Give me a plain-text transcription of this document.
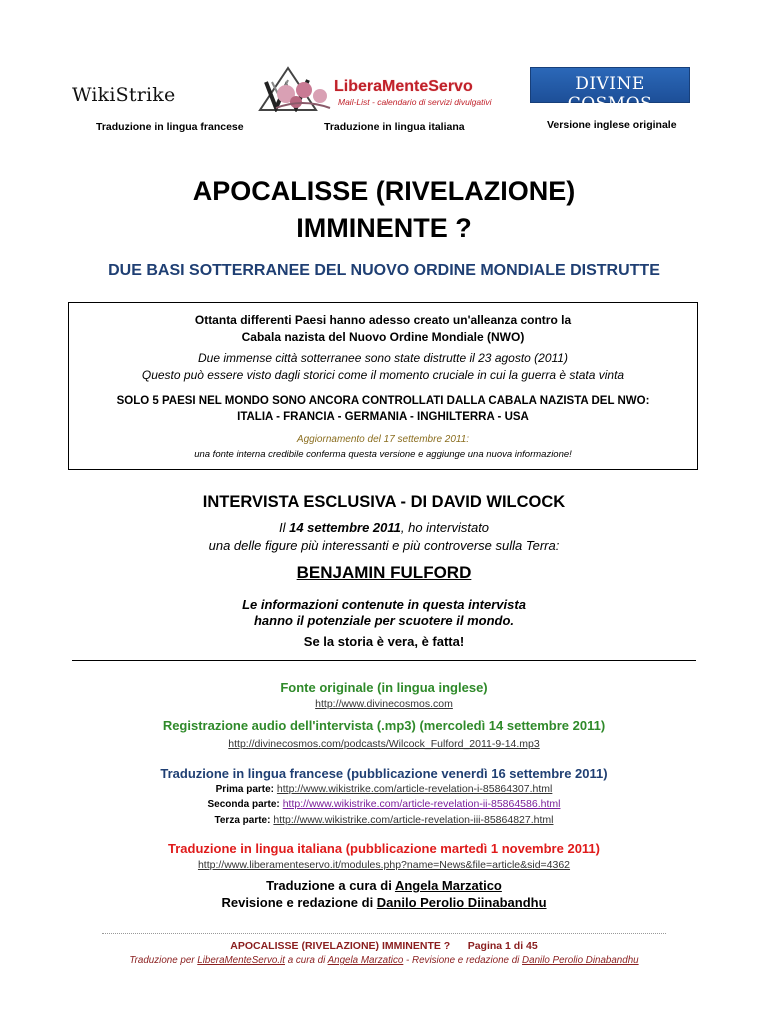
WikiStrike	LiberaMenteServo
Mail-List - calendario di servizi divulgativi
DIVINE COSMOS
Traduzione in lingua francese	Traduzione in lingua italiana	Versione inglese originale
APOCALISSE (RIVELAZIONE)
IMMINENTE ?
DUE BASI SOTTERRANEE DEL NUOVO ORDINE MONDIALE DISTRUTTE

Ottanta differenti Paesi hanno adesso creato un'alleanza contro la

Cabala nazista del Nuovo Ordine Mondiale (NWO)

Due immense città sotterranee sono state distrutte il 23 agosto (2011)

Questo può essere visto dagli storici come il momento cruciale in cui la guerra è stata vinta

SOLO 5 PAESI NEL MONDO SONO ANCORA CONTROLLATI DALLA CABALA NAZISTA DEL NWO:

ITALIA - FRANCIA - GERMANIA - INGHILTERRA - USA

Aggiornamento del 17 settembre 2011:

una fonte interna credibile conferma questa versione e aggiunge una nuova informazione!

INTERVISTA ESCLUSIVA - DI DAVID WILCOCK
Il 14 settembre 2011, ho intervistato
una delle figure più interessanti e più controverse sulla Terra:
BENJAMIN FULFORD
Le informazioni contenute in questa intervista
hanno il potenziale per scuotere il mondo.
Se la storia è vera, è fatta!
Fonte originale (in lingua inglese)
http://www.divinecosmos.com
Registrazione audio dell'intervista (.mp3) (mercoledì 14 settembre 2011)
http://divinecosmos.com/podcasts/Wilcock_Fulford_2011-9-14.mp3
Traduzione in lingua francese (pubblicazione venerdì 16 settembre 2011)
Prima parte: http://www.wikistrike.com/article-revelation-i-85864307.html
Seconda parte: http://www.wikistrike.com/article-revelation-ii-85864586.html
Terza parte: http://www.wikistrike.com/article-revelation-iii-85864827.html
Traduzione in lingua italiana (pubblicazione martedì 1 novembre 2011)
http://www.liberamenteservo.it/modules.php?name=News&file=article&sid=4362
Traduzione a cura di Angela Marzatico
Revisione e redazione di Danilo Perolio Diinabandhu
APOCALISSE (RIVELAZIONE) IMMINENTE ?      Pagina 1 di 45
Traduzione per LiberaMenteServo.it a cura di Angela Marzatico - Revisione e redazione di Danilo Perolio Dinabandhu
